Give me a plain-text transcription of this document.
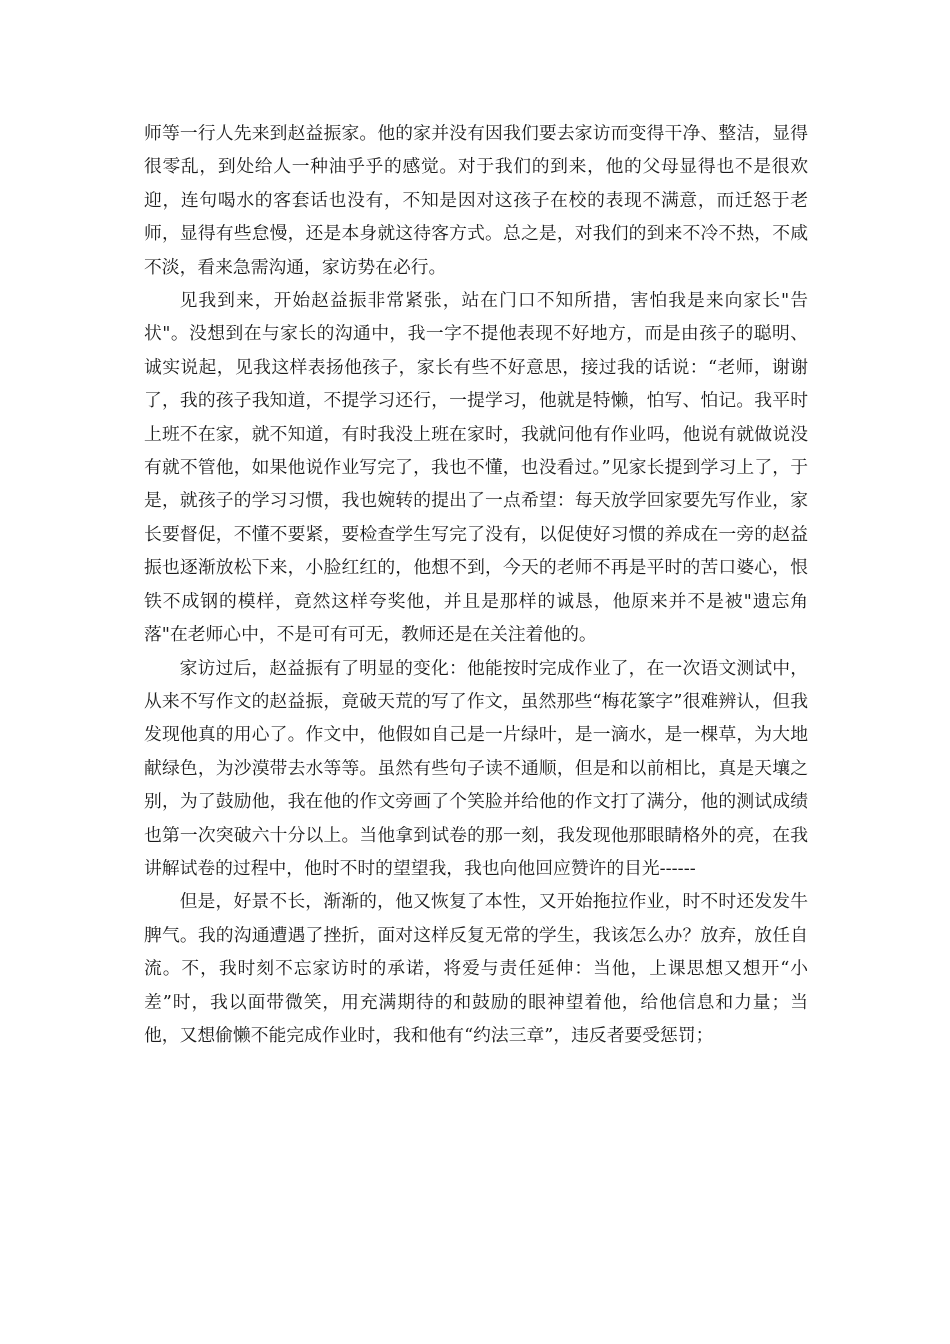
师等一行人先来到赵益振家。他的家并没有因我们要去家访而变得干净、整洁，显得很零乱，到处给人一种油乎乎的感觉。对于我们的到来，他的父母显得也不是很欢迎，连句喝水的客套话也没有，不知是因对这孩子在校的表现不满意，而迁怒于老师，显得有些怠慢，还是本身就这待客方式。总之是，对我们的到来不冷不热，不咸不淡，看来急需沟通，家访势在必行。

见我到来，开始赵益振非常紧张，站在门口不知所措，害怕我是来向家长"告状"。没想到在与家长的沟通中，我一字不提他表现不好地方，而是由孩子的聪明、诚实说起，见我这样表扬他孩子，家长有些不好意思，接过我的话说：“老师，谢谢了，我的孩子我知道，不提学习还行，一提学习，他就是特懒，怕写、怕记。我平时上班不在家，就不知道，有时我没上班在家时，我就问他有作业吗，他说有就做说没有就不管他，如果他说作业写完了，我也不懂，也没看过。”见家长提到学习上了，于是，就孩子的学习习惯，我也婉转的提出了一点希望：每天放学回家要先写作业，家长要督促，不懂不要紧，要检查学生写完了没有，以促使好习惯的养成在一旁的赵益振也逐渐放松下来，小脸红红的，他想不到，今天的老师不再是平时的苦口婆心，恨铁不成钢的模样，竟然这样夸奖他，并且是那样的诚恳，他原来并不是被"遗忘角落"在老师心中，不是可有可无，教师还是在关注着他的。

家访过后，赵益振有了明显的变化：他能按时完成作业了，在一次语文测试中，从来不写作文的赵益振，竟破天荒的写了作文，虽然那些“梅花篆字”很难辨认，但我发现他真的用心了。作文中，他假如自己是一片绿叶，是一滴水，是一棵草，为大地献绿色，为沙漠带去水等等。虽然有些句子读不通顺，但是和以前相比，真是天壤之别，为了鼓励他，我在他的作文旁画了个笑脸并给他的作文打了满分，他的测试成绩也第一次突破六十分以上。当他拿到试卷的那一刻，我发现他那眼睛格外的亮，在我讲解试卷的过程中，他时不时的望望我，我也向他回应赞许的目光------

但是，好景不长，渐渐的，他又恢复了本性，又开始拖拉作业，时不时还发发牛脾气。我的沟通遭遇了挫折，面对这样反复无常的学生，我该怎么办？放弃，放任自流。不，我时刻不忘家访时的承诺，将爱与责任延伸：当他，上课思想又想开“小差”时，我以面带微笑，用充满期待的和鼓励的眼神望着他，给他信息和力量；当他，又想偷懒不能完成作业时，我和他有“约法三章”，违反者要受惩罚；
